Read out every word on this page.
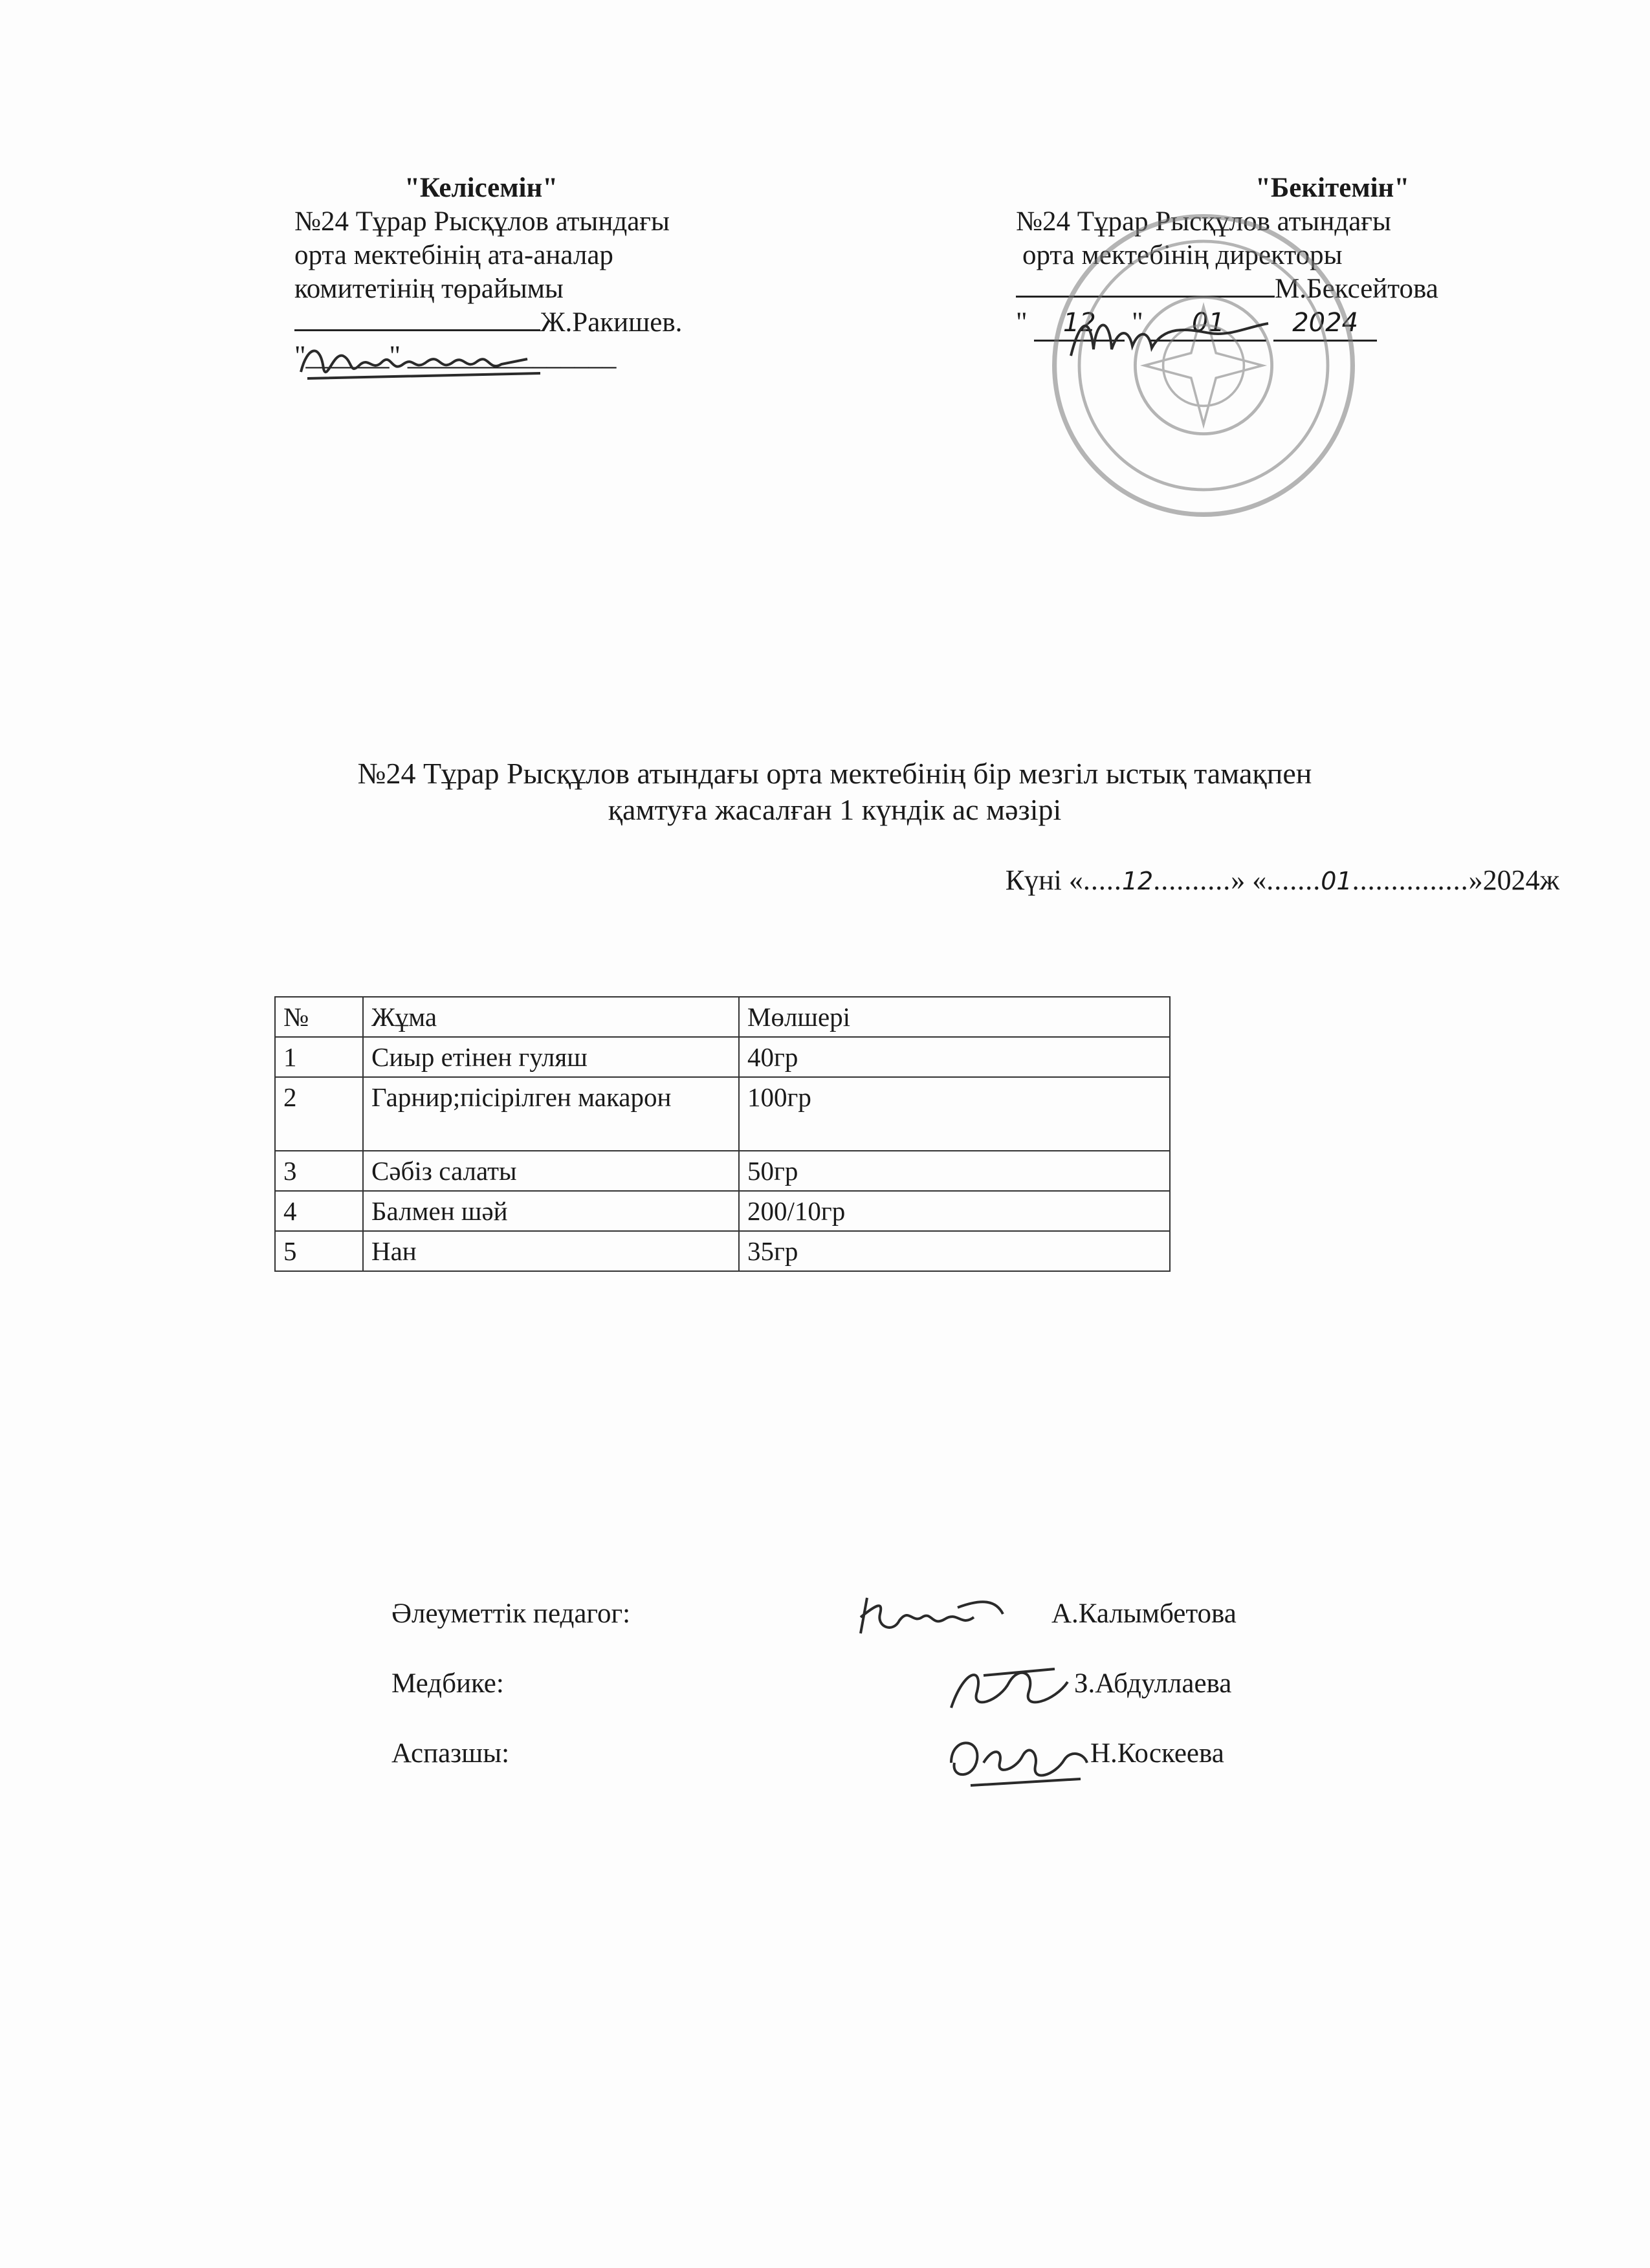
"Келісемін"
№24 Тұрар Рысқұлов атындағы
орта мектебінің ата-аналар
комитетінің төрайымы
Ж.Ракишев.
"______" _______________
"Бекітемін"
№24 Тұрар Рысқұлов атындағы
орта мектебінің директоры
М.Бексейтова
" 12 " 01	2024
№24 Тұрар Рысқұлов атындағы орта мектебінің бір мезгіл ыстық тамақпен
қамтуға жасалған 1 күндік ас мәзірі
Күні «.....12..........» «.......01...............»2024ж
№	Жұма	Мөлшері
1	Сиыр етінен гуляш	40гр
2	Гарнир;пісірілген макарон	100гр
3	Сәбіз салаты	50гр
4	Балмен шәй	200/10гр
5	Нан	35гр
Әлеуметтік педагог:	А.Калымбетова
Медбике:	З.Абдуллаева
Аспазшы:	Н.Коскеева
